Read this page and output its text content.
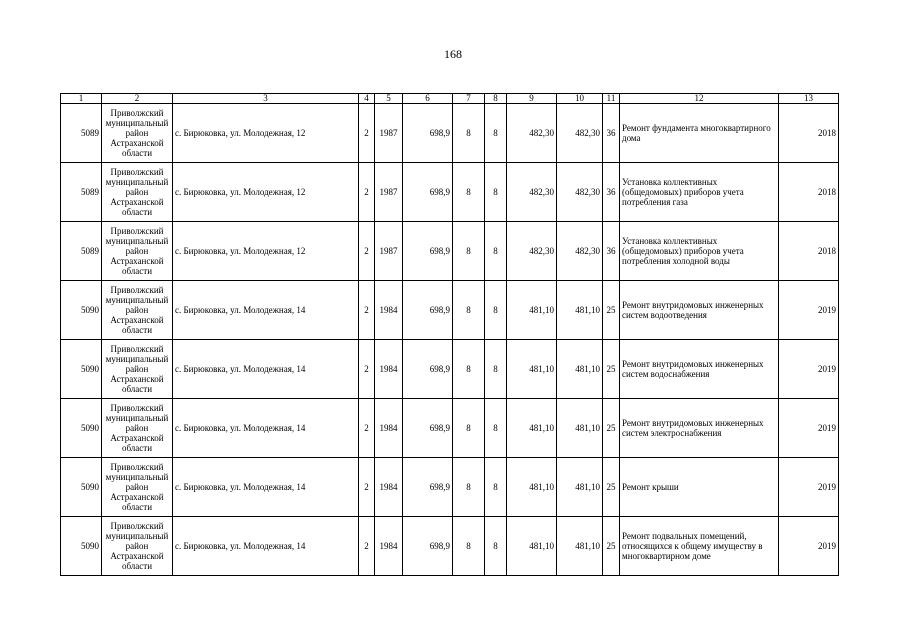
168
1	2	3	4	5	6	7	8	9	10	11	12	13
5089	Приволжский муниципальный район Астраханской области	с. Бирюковка, ул. Молодежная, 12	2	1987	698,9	8	8	482,30	482,30	36	Ремонт фундамента многоквартирного дома	2018
5089	Приволжский муниципальный район Астраханской области	с. Бирюковка, ул. Молодежная, 12	2	1987	698,9	8	8	482,30	482,30	36	Установка коллективных (общедомовых) приборов учета потребления газа	2018
5089	Приволжский муниципальный район Астраханской области	с. Бирюковка, ул. Молодежная, 12	2	1987	698,9	8	8	482,30	482,30	36	Установка коллективных (общедомовых) приборов учета потребления холодной воды	2018
5090	Приволжский муниципальный район Астраханской области	с. Бирюковка, ул. Молодежная, 14	2	1984	698,9	8	8	481,10	481,10	25	Ремонт внутридомовых инженерных систем водоотведения	2019
5090	Приволжский муниципальный район Астраханской области	с. Бирюковка, ул. Молодежная, 14	2	1984	698,9	8	8	481,10	481,10	25	Ремонт внутридомовых инженерных систем водоснабжения	2019
5090	Приволжский муниципальный район Астраханской области	с. Бирюковка, ул. Молодежная, 14	2	1984	698,9	8	8	481,10	481,10	25	Ремонт внутридомовых инженерных систем электроснабжения	2019
5090	Приволжский муниципальный район Астраханской области	с. Бирюковка, ул. Молодежная, 14	2	1984	698,9	8	8	481,10	481,10	25	Ремонт крыши	2019
5090	Приволжский муниципальный район Астраханской области	с. Бирюковка, ул. Молодежная, 14	2	1984	698,9	8	8	481,10	481,10	25	Ремонт подвальных помещений, относящихся к общему имуществу в многоквартирном доме	2019
